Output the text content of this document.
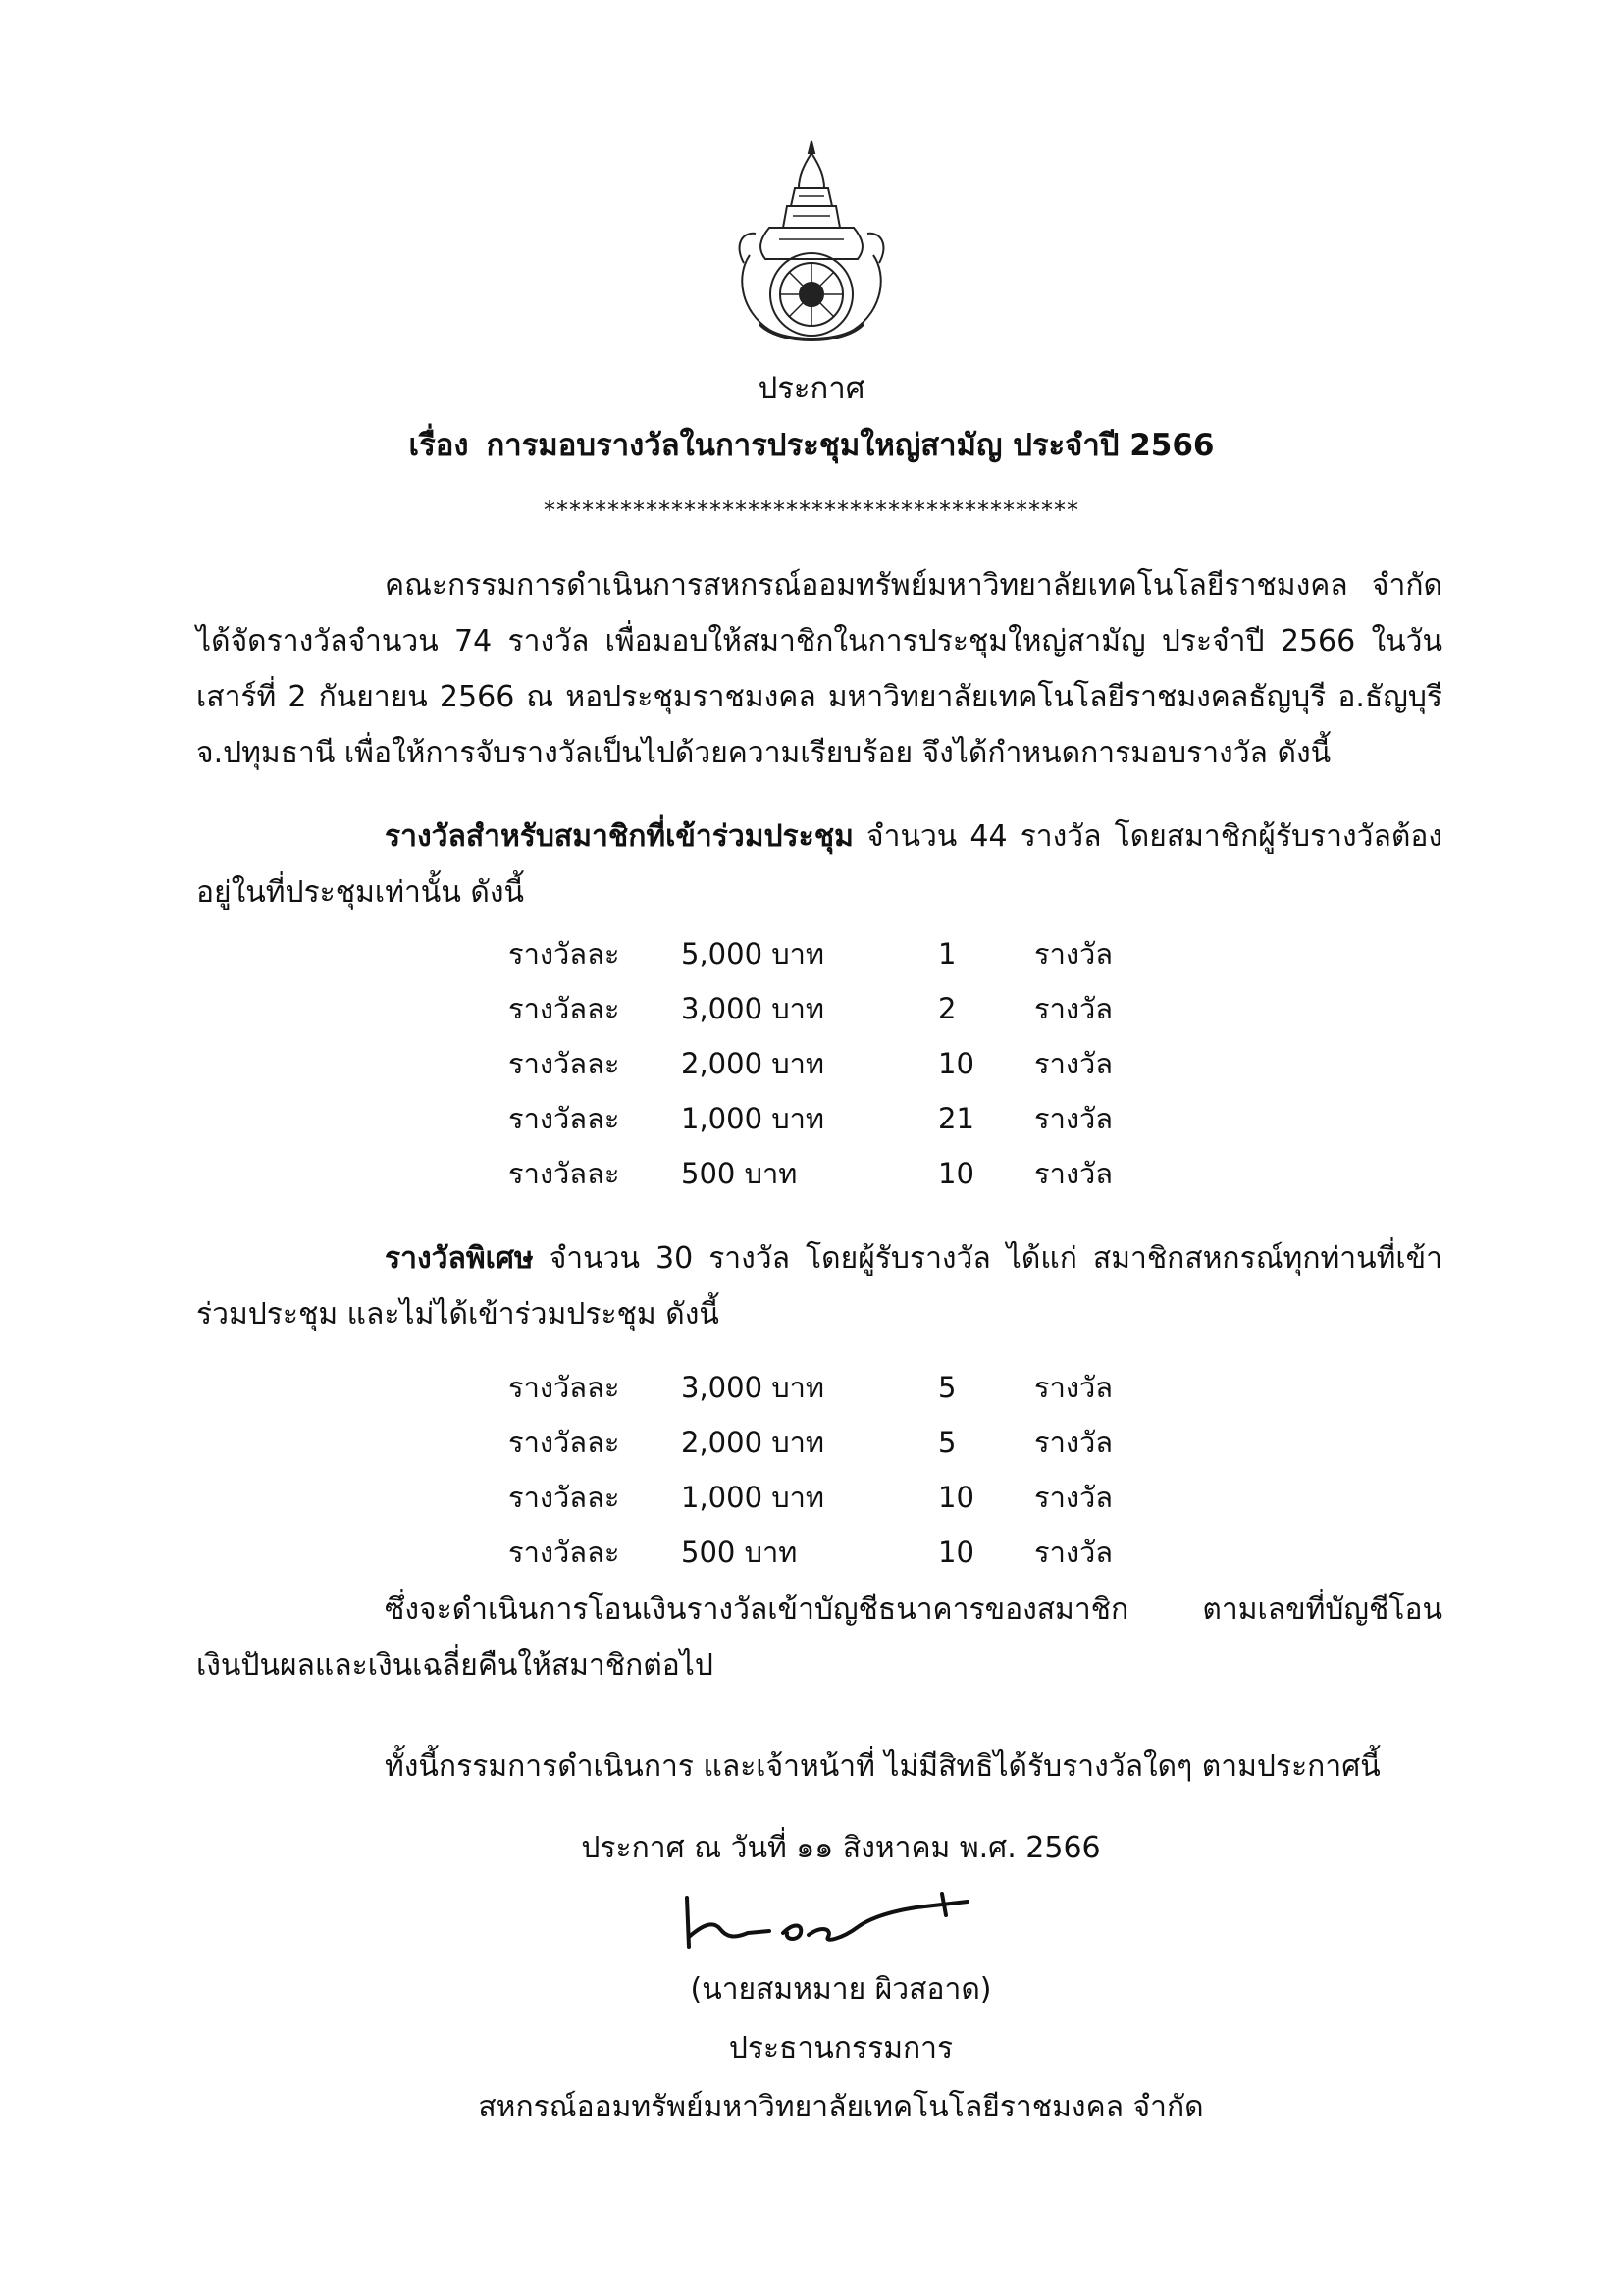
ประกาศ
เรื่อง การมอบรางวัลในการประชุมใหญ่สามัญ ประจำปี 2566
******************************************
คณะกรรมการดำเนินการสหกรณ์ออมทรัพย์มหาวิทยาลัยเทคโนโลยีราชมงคล จำกัด ได้จัดรางวัลจำนวน 74 รางวัล เพื่อมอบให้สมาชิกในการประชุมใหญ่สามัญ ประจำปี 2566 ในวันเสาร์ที่ 2 กันยายน 2566 ณ หอประชุมราชมงคล มหาวิทยาลัยเทคโนโลยีราชมงคลธัญบุรี อ.ธัญบุรี จ.ปทุมธานี เพื่อให้การจับรางวัลเป็นไปด้วยความเรียบร้อย จึงได้กำหนดการมอบรางวัล ดังนี้
รางวัลสำหรับสมาชิกที่เข้าร่วมประชุม จำนวน 44 รางวัล โดยสมาชิกผู้รับรางวัลต้องอยู่ในที่ประชุมเท่านั้น ดังนี้
รางวัลละ	5,000 บาท	1	รางวัล
รางวัลละ	3,000 บาท	2	รางวัล
รางวัลละ	2,000 บาท	10	รางวัล
รางวัลละ	1,000 บาท	21	รางวัล
รางวัลละ	500 บาท	10	รางวัล
รางวัลพิเศษ จำนวน 30 รางวัล โดยผู้รับรางวัล ได้แก่ สมาชิกสหกรณ์ทุกท่านที่เข้าร่วมประชุม และไม่ได้เข้าร่วมประชุม ดังนี้
รางวัลละ	3,000 บาท	5	รางวัล
รางวัลละ	2,000 บาท	5	รางวัล
รางวัลละ	1,000 บาท	10	รางวัล
รางวัลละ	500 บาท	10	รางวัล
ซึ่งจะดำเนินการโอนเงินรางวัลเข้าบัญชีธนาคารของสมาชิก ตามเลขที่บัญชีโอนเงินปันผลและเงินเฉลี่ยคืนให้สมาชิกต่อไป
ทั้งนี้กรรมการดำเนินการ และเจ้าหน้าที่ ไม่มีสิทธิได้รับรางวัลใดๆ ตามประกาศนี้
ประกาศ ณ วันที่ ๑๑ สิงหาคม พ.ศ. 2566
(นายสมหมาย ผิวสอาด)
ประธานกรรมการ
สหกรณ์ออมทรัพย์มหาวิทยาลัยเทคโนโลยีราชมงคล จำกัด
